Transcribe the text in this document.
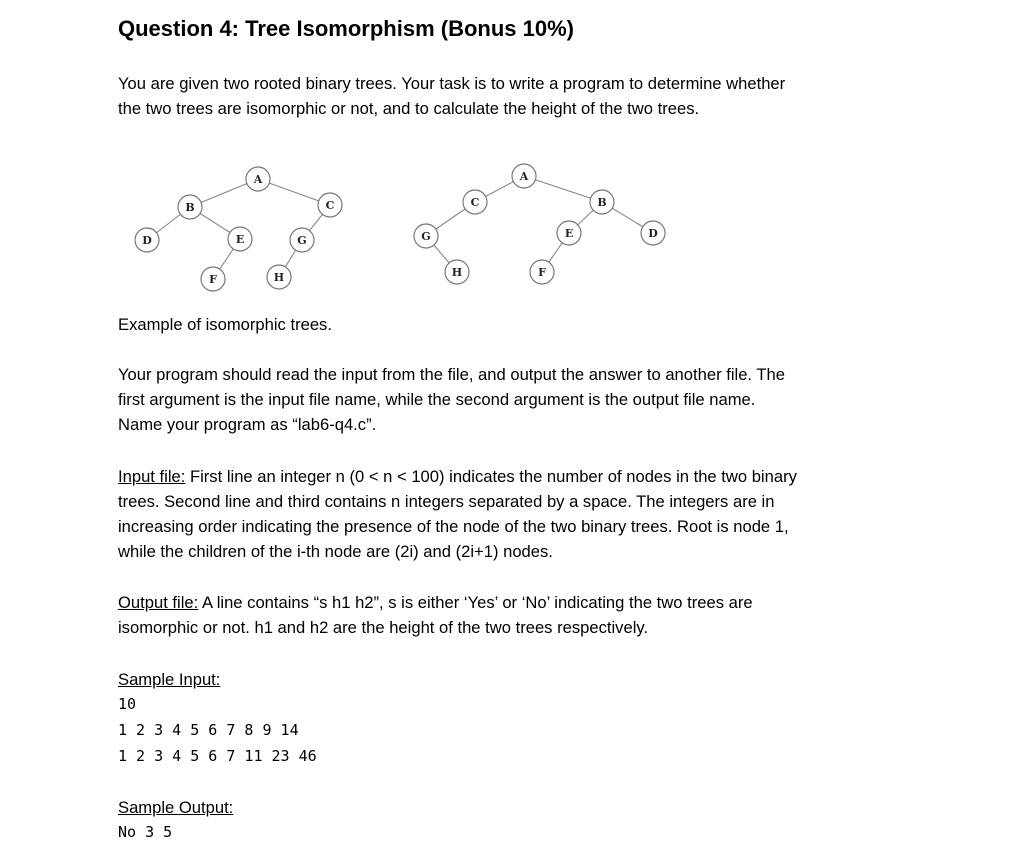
Question 4: Tree Isomorphism (Bonus 10%)

You are given two rooted binary trees. Your task is to write a program to determine whether
the two trees are isomorphic or not, and to calculate the height of the two trees.

Example of isomorphic trees.

Your program should read the input from the file, and output the answer to another file. The
first argument is the input file name, while the second argument is the output file name.
Name your program as “lab6-q4.c”.

Input file: First line an integer n (0 < n < 100) indicates the number of nodes in the two binary
trees. Second line and third contains n integers separated by a space. The integers are in
increasing order indicating the presence of the node of the two binary trees. Root is node 1,
while the children of the i-th node are (2i) and (2i+1) nodes.

Output file: A line contains “s h1 h2”, s is either ‘Yes’ or ‘No’ indicating the two trees are
isomorphic or not. h1 and h2 are the height of the two trees respectively.

Sample Input:

10
1 2 3 4 5 6 7 8 9 14
1 2 3 4 5 6 7 11 23 46

Sample Output:

No 3 5
A
B	C
D	E	G
F	H
A
C	B
G	E	D
H	F
